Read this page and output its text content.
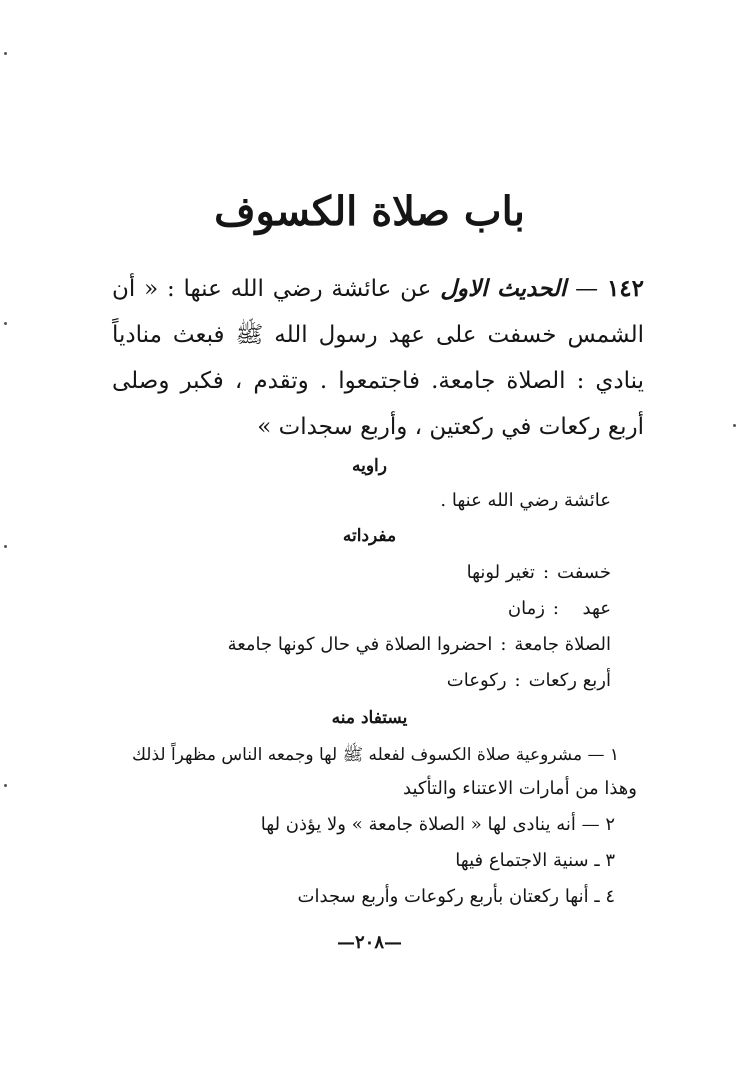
باب صلاة الكسوف
١٤٢ — الحديث الاول عن عائشة رضي الله عنها : « أن الشمس خسفت على عهد رسول الله ﷺ فبعث منادياً ينادي : الصلاة جامعة. فاجتمعوا . وتقدم ، فكبر وصلى أربع ركعات في ركعتين ، وأربع سجدات »
راويه
عائشة رضي الله عنها .
مفرداته
خسفت:تغير لونها
عهد:زمان
الصلاة جامعة:احضروا الصلاة في حال كونها جامعة
أربع ركعات:ركوعات
يستفاد منه
١ — مشروعية صلاة الكسوف لفعله ﷺ لها وجمعه الناس مظهراً لذلك
وهذا من أمارات الاعتناء والتأكيد
٢ — أنه ينادى لها « الصلاة جامعة » ولا يؤذن لها
٣ ـ سنية الاجتماع فيها
٤ ـ أنها ركعتان بأربع ركوعات وأربع سجدات
—٢٠٨—
